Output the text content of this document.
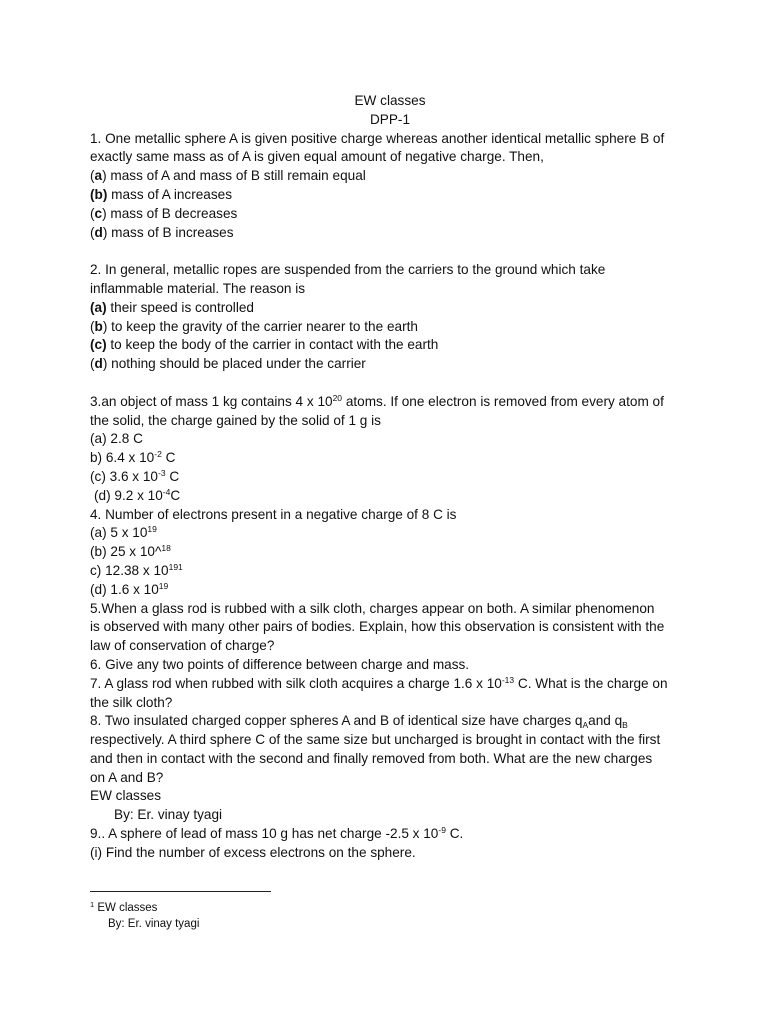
EW classes
DPP-1
1. One metallic sphere A is given positive charge whereas another identical metallic sphere B of
exactly same mass as of A is given equal amount of negative charge. Then,
(a) mass of A and mass of B still remain equal
(b) mass of A increases
(c) mass of B decreases
(d) mass of B increases
2. In general, metallic ropes are suspended from the carriers to the ground which take
inflammable material. The reason is
(a) their speed is controlled
(b) to keep the gravity of the carrier nearer to the earth
(c) to keep the body of the carrier in contact with the earth
(d) nothing should be placed under the carrier
3.an object of mass 1 kg contains 4 x $10^{20}$ atoms. If one electron is removed from every atom of
the solid, the charge gained by the solid of 1 g is
(a) 2.8 C
b) 6.4 x $10^{-2}$ C
(c) 3.6 x $10^{-3}$ C
(d) 9.2 x $10^{-4}C$
4. Number of electrons present in a negative charge of 8 C is
(a) 5 x $10^{19}$
(b) 25 x 10^$^{18}$
c) 12.38 x $10^{191}$
(d) 1.6 x $10^{19}$
5.When a glass rod is rubbed with a silk cloth, charges appear on both. A similar phenomenon
is observed with many other pairs of bodies. Explain, how this observation is consistent with the
law of conservation of charge?
6. Give any two points of difference between charge and mass.
7. A glass rod when rubbed with silk cloth acquires a charge 1.6 x $10^{-13}$ C. What is the charge on
the silk cloth?
8. Two insulated charged copper spheres A and B of identical size have charges $q_Aand$ $q_B$
respectively. A third sphere C of the same size but uncharged is brought in contact with the first
and then in contact with the second and finally removed from both. What are the new charges
on A and B?
EW classes
By: Er. vinay tyagi
9.. A sphere of lead of mass 10 g has net charge -2.5 x $10^{-9}$ C.
(i) Find the number of excess electrons on the sphere.
$^1$ EW classes
By: Er. vinay tyagi
